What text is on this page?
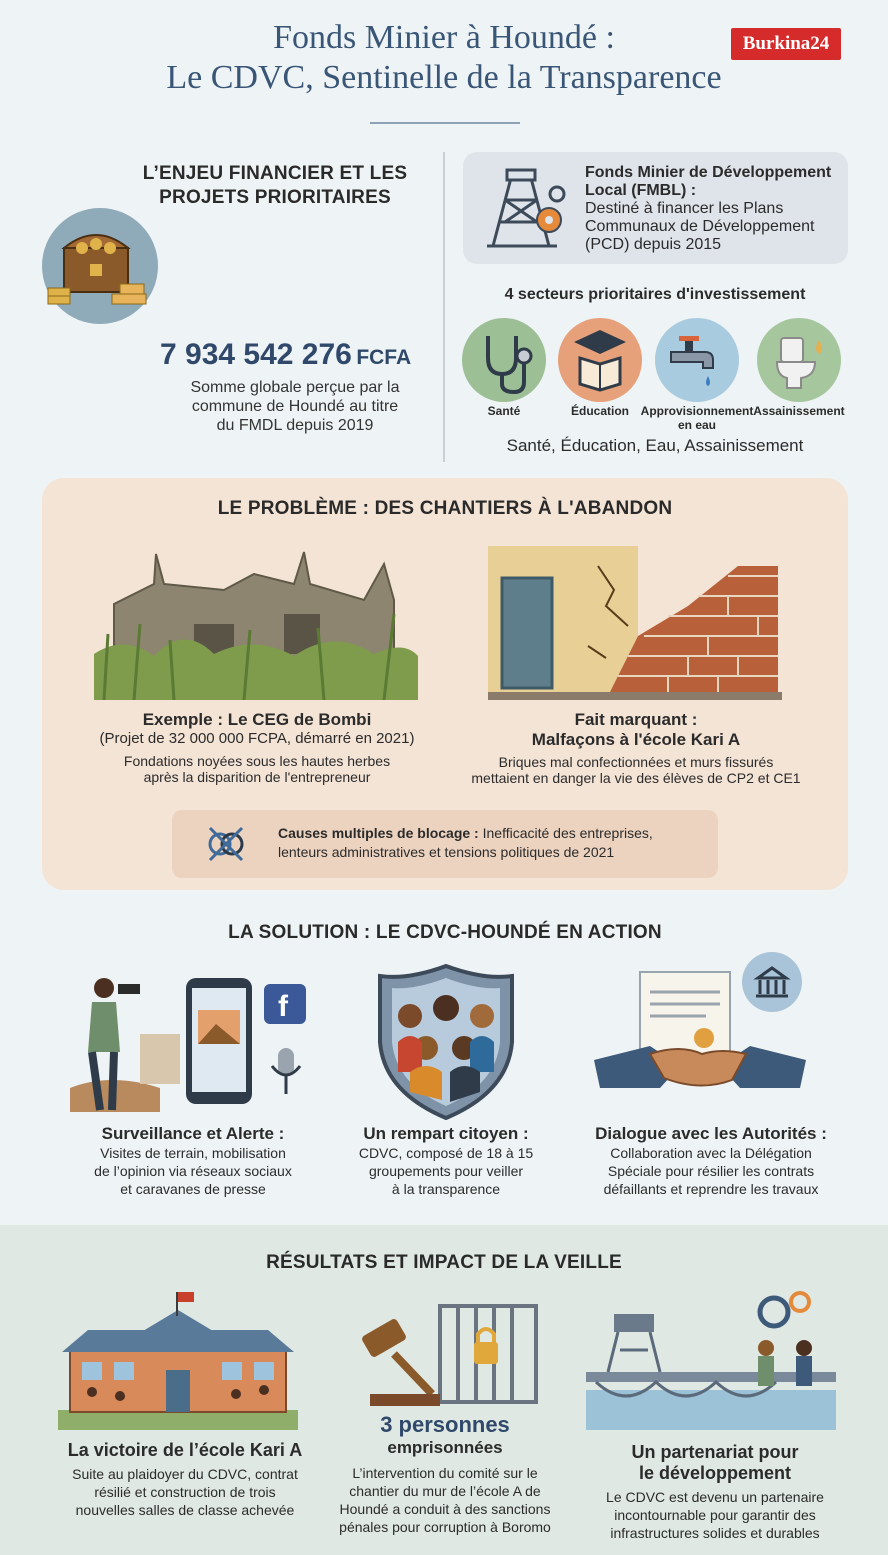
Fonds Minier à Houndé :
Le CDVC, Sentinelle de la Transparence
Burkina24
L’ENJEU FINANCIER ET LES
PROJETS PRIORITAIRES
7 934 542 276 FCFA
Somme globale perçue par la
commune de Houndé au titre
du FMDL depuis 2019
Fonds Minier de Développement
Local (FMBL) :
Destiné à financer les Plans
Communaux de Développement
(PCD) depuis 2015
4 secteurs prioritaires d'investissement
Santé	Éducation Approvisionnement
en eau
Assainissement
Santé, Éducation, Eau, Assainissement
LE PROBLÈME : DES CHANTIERS À L'ABANDON
Exemple : Le CEG de Bombi
(Projet de 32 000 000 FCPA, démarré en 2021)
Fondations noyées sous les hautes herbes
après la disparition de l'entrepreneur
Fait marquant :
Malfaçons à l'école Kari A
Briques mal confectionnées et murs fissurés
mettaient en danger la vie des élèves de CP2 et CE1
Causes multiples de blocage : Inefficacité des entreprises,
lenteurs administratives et tensions politiques de 2021
LA SOLUTION : LE CDVC-HOUNDÉ EN ACTION
f
Surveillance et Alerte :
Visites de terrain, mobilisation
de l’opinion via réseaux sociaux
et caravanes de presse
Un rempart citoyen :
CDVC, composé de 18 à 15
groupements pour veiller
à la transparence
Dialogue avec les Autorités :
Collaboration avec la Délégation
Spéciale pour résilier les contrats
défaillants et reprendre les travaux
RÉSULTATS ET IMPACT DE LA VEILLE
La victoire de l’école Kari A
Suite au plaidoyer du CDVC, contrat
résilié et construction de trois
nouvelles salles de classe achevée
3 personnes
emprisonnées
L’intervention du comité sur le
chantier du mur de l’école A de
Houndé a conduit à des sanctions
pénales pour corruption à Boromo
Un partenariat pour
le développement
Le CDVC est devenu un partenaire
incontournable pour garantir des
infrastructures solides et durables
